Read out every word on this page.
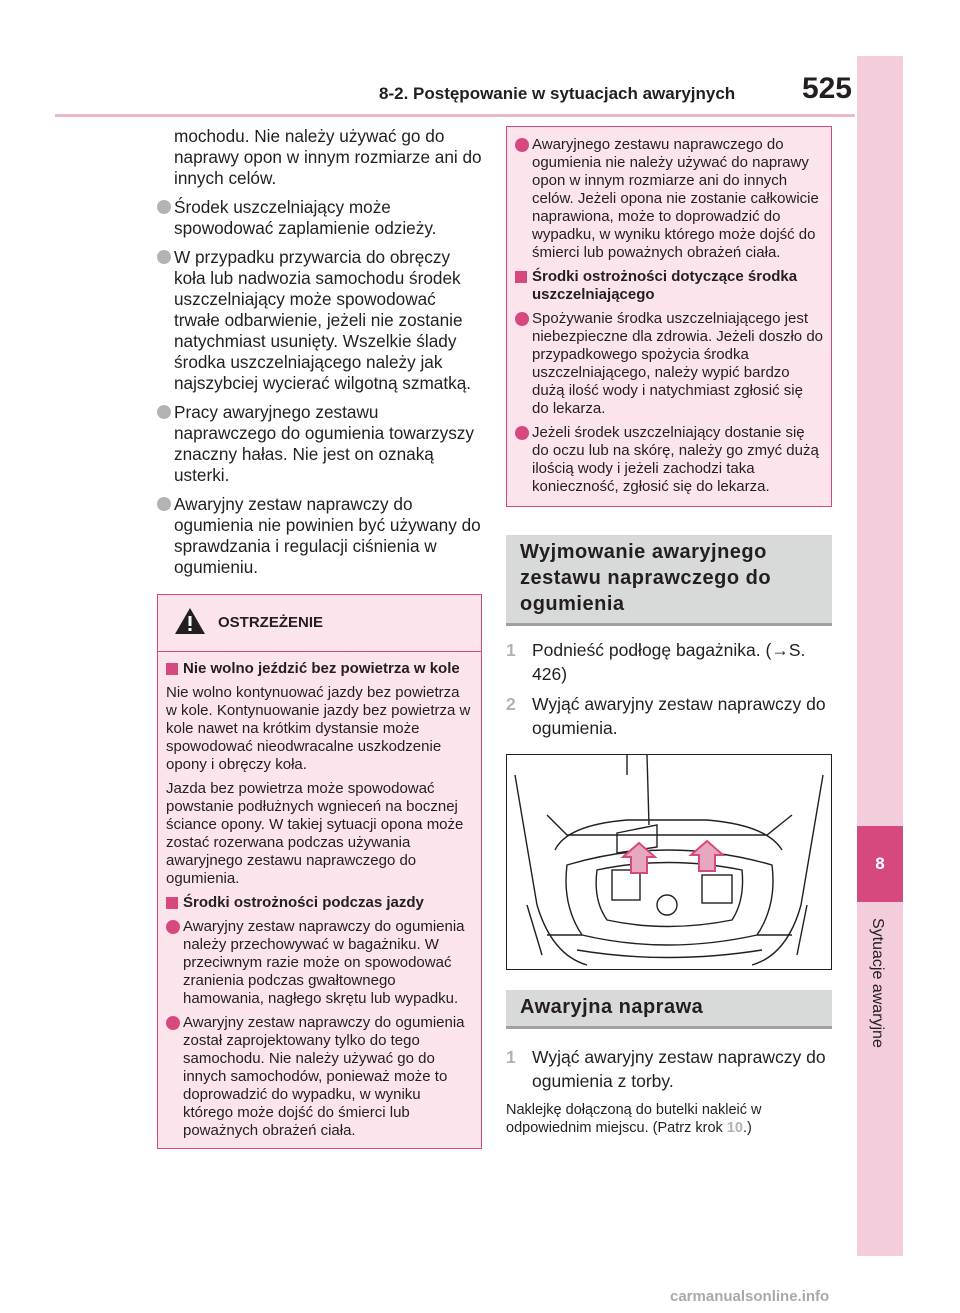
8-2. Postępowanie w sytuacjach awaryjnych 525
8
Sytuacje awaryjne

mochodu. Nie należy używać go do naprawy opon w innym rozmiarze ani do innych celów.

Środek uszczelniający może spowodować zaplamienie odzieży.

W przypadku przywarcia do obręczy koła lub nadwozia samochodu środek uszczelniający może spowodować trwałe odbarwienie, jeżeli nie zostanie natychmiast usunięty. Wszelkie ślady środka uszczelniającego należy jak najszybciej wycierać wilgotną szmatką.

Pracy awaryjnego zestawu naprawczego do ogumienia towarzyszy znaczny hałas. Nie jest on oznaką usterki.

Awaryjny zestaw naprawczy do ogumienia nie powinien być używany do sprawdzania i regulacji ciśnienia w ogumieniu.

OSTRZEŻENIE

Nie wolno jeździć bez powietrza w kole

Nie wolno kontynuować jazdy bez powietrza w kole. Kontynuowanie jazdy bez powietrza w kole nawet na krótkim dystansie może spowodować nieodwracalne uszkodzenie opony i obręczy koła.

Jazda bez powietrza może spowodować powstanie podłużnych wgnieceń na bocznej ściance opony. W takiej sytuacji opona może zostać rozerwana podczas używania awaryjnego zestawu naprawczego do ogumienia.

Środki ostrożności podczas jazdy

Awaryjny zestaw naprawczy do ogumienia należy przechowywać w bagażniku. W przeciwnym razie może on spowodować zranienia podczas gwałtownego hamowania, nagłego skrętu lub wypadku.

Awaryjny zestaw naprawczy do ogumienia został zaprojektowany tylko do tego samochodu. Nie należy używać go do innych samochodów, ponieważ może to doprowadzić do wypadku, w wyniku którego może dojść do śmierci lub poważnych obrażeń ciała.

Awaryjnego zestawu naprawczego do ogumienia nie należy używać do naprawy opon w innym rozmiarze ani do innych celów. Jeżeli opona nie zostanie całkowicie naprawiona, może to doprowadzić do wypadku, w wyniku którego może dojść do śmierci lub poważnych obrażeń ciała.

Środki ostrożności dotyczące środka uszczelniającego

Spożywanie środka uszczelniającego jest niebezpieczne dla zdrowia. Jeżeli doszło do przypadkowego spożycia środka uszczelniającego, należy wypić bardzo dużą ilość wody i natychmiast zgłosić się do lekarza.

Jeżeli środek uszczelniający dostanie się do oczu lub na skórę, należy go zmyć dużą ilością wody i jeżeli zachodzi taka konieczność, zgłosić się do lekarza.

Wyjmowanie awaryjnego zestawu naprawczego do ogumienia

1 Podnieść podłogę bagażnika. (→S. 426)

2 Wyjąć awaryjny zestaw naprawczy do ogumienia.

Awaryjna naprawa

1 Wyjąć awaryjny zestaw naprawczy do ogumienia z torby.

Naklejkę dołączoną do butelki nakleić w odpowiednim miejscu. (Patrz krok 10.)

carmanualsonline.info
